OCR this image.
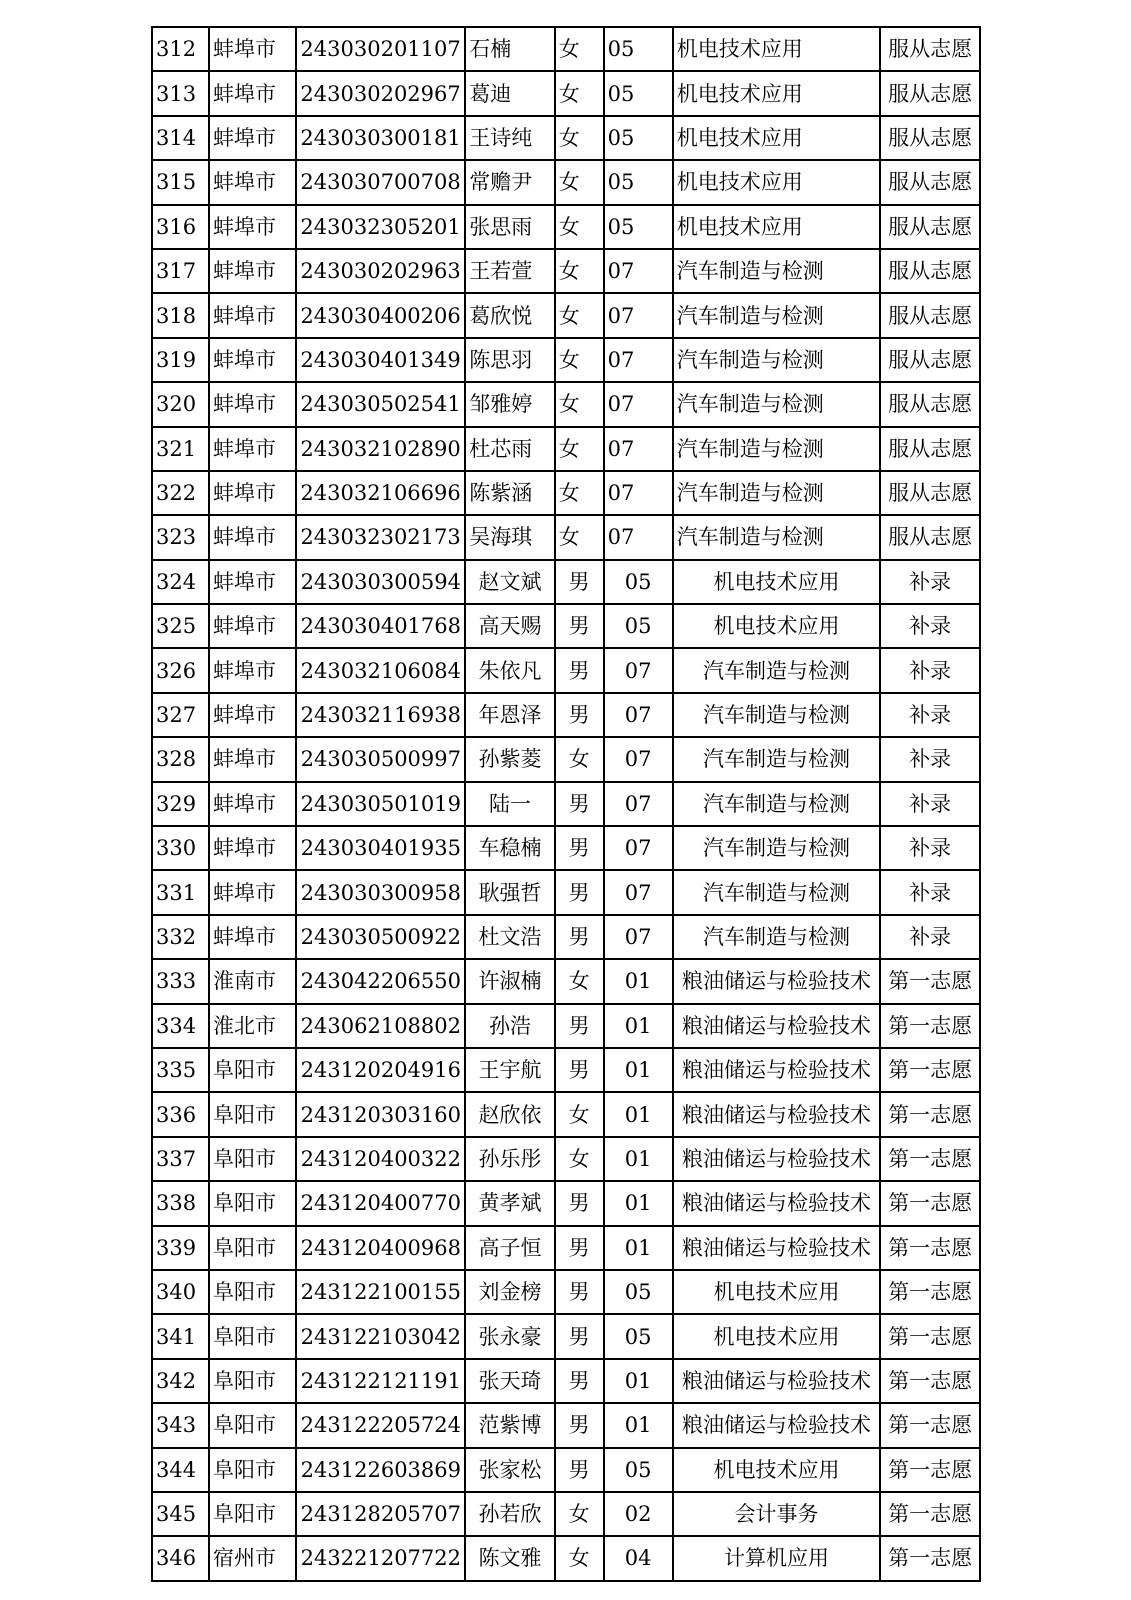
312	蚌埠市	243030201107	石楠	女	05	机电技术应用	服从志愿
313	蚌埠市	243030202967	葛迪	女	05	机电技术应用	服从志愿
314	蚌埠市	243030300181	王诗纯	女	05	机电技术应用	服从志愿
315	蚌埠市	243030700708	常赡尹	女	05	机电技术应用	服从志愿
316	蚌埠市	243032305201	张思雨	女	05	机电技术应用	服从志愿
317	蚌埠市	243030202963	王若萱	女	07	汽车制造与检测	服从志愿
318	蚌埠市	243030400206	葛欣悦	女	07	汽车制造与检测	服从志愿
319	蚌埠市	243030401349	陈思羽	女	07	汽车制造与检测	服从志愿
320	蚌埠市	243030502541	邹雅婷	女	07	汽车制造与检测	服从志愿
321	蚌埠市	243032102890	杜芯雨	女	07	汽车制造与检测	服从志愿
322	蚌埠市	243032106696	陈紫涵	女	07	汽车制造与检测	服从志愿
323	蚌埠市	243032302173	吴海琪	女	07	汽车制造与检测	服从志愿
324	蚌埠市	243030300594	赵文斌	男	05	机电技术应用	补录
325	蚌埠市	243030401768	高天赐	男	05	机电技术应用	补录
326	蚌埠市	243032106084	朱依凡	男	07	汽车制造与检测	补录
327	蚌埠市	243032116938	年恩泽	男	07	汽车制造与检测	补录
328	蚌埠市	243030500997	孙紫菱	女	07	汽车制造与检测	补录
329	蚌埠市	243030501019	陆一	男	07	汽车制造与检测	补录
330	蚌埠市	243030401935	车稳楠	男	07	汽车制造与检测	补录
331	蚌埠市	243030300958	耿强哲	男	07	汽车制造与检测	补录
332	蚌埠市	243030500922	杜文浩	男	07	汽车制造与检测	补录
333	淮南市	243042206550	许淑楠	女	01	粮油储运与检验技术	第一志愿
334	淮北市	243062108802	孙浩	男	01	粮油储运与检验技术	第一志愿
335	阜阳市	243120204916	王宇航	男	01	粮油储运与检验技术	第一志愿
336	阜阳市	243120303160	赵欣依	女	01	粮油储运与检验技术	第一志愿
337	阜阳市	243120400322	孙乐彤	女	01	粮油储运与检验技术	第一志愿
338	阜阳市	243120400770	黄孝斌	男	01	粮油储运与检验技术	第一志愿
339	阜阳市	243120400968	高子恒	男	01	粮油储运与检验技术	第一志愿
340	阜阳市	243122100155	刘金榜	男	05	机电技术应用	第一志愿
341	阜阳市	243122103042	张永豪	男	05	机电技术应用	第一志愿
342	阜阳市	243122121191	张天琦	男	01	粮油储运与检验技术	第一志愿
343	阜阳市	243122205724	范紫博	男	01	粮油储运与检验技术	第一志愿
344	阜阳市	243122603869	张家松	男	05	机电技术应用	第一志愿
345	阜阳市	243128205707	孙若欣	女	02	会计事务	第一志愿
346	宿州市	243221207722	陈文雅	女	04	计算机应用	第一志愿
